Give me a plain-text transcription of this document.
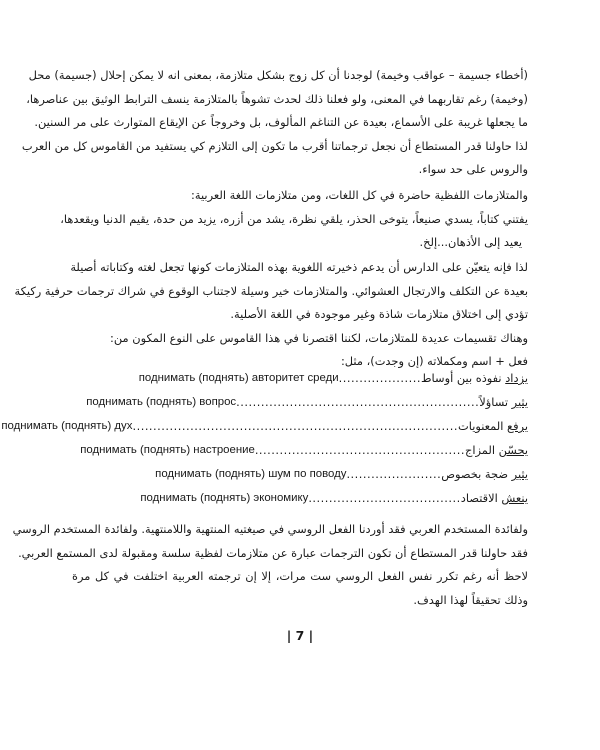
(أخطاء جسيمة – عواقب وخيمة) لوجدنا أن كل زوج بشكل متلازمة، بمعنى انه لا يمكن إحلال (جسيمة) محل
(وخيمة) رغم تقاربهما في المعنى، ولو فعلنا ذلك لحدث تشوهاً بالمتلازمة ينسف الترابط الوثيق بين عناصرها،
ما يجعلها غريبة على الأسماع، بعيدة عن التناغم المألوف، بل وخروجاً عن الإيقاع المتوارث على مر السنين.
لذا حاولنا قدر المستطاع أن نجعل ترجماتنا أقرب ما تكون إلى التلازم كي يستفيد من القاموس كل من العرب
والروس على حد سواء.
والمتلازمات اللفظية حاضرة في كل اللغات، ومن متلازمات اللغة العربية:
يفتني كتاباً، يسدي صنيعاً، يتوخى الحذر، يلقي نظرة، يشد من أزره، يزيد من حدة، يقيم الدنيا ويقعدها،
يعيد إلى الأذهان...إلخ.
لذا فإنه يتعيّن على الدارس أن يدعم ذخيرته اللغوية بهذه المتلازمات كونها تجعل لغته وكتاباته أصيلة
بعيدة عن التكلف والارتجال العشوائي. والمتلازمات خير وسيلة لاجتناب الوقوع في شراك ترجمات حرفية ركيكة
تؤدي إلى اختلاق متلازمات شاذة وغير موجودة في اللغة الأصلية.
وهناك تقسيمات عديدة للمتلازمات، لكننا اقتصرنا في هذا القاموس على النوع المكون من:
فعل + اسم ومكملاته (إن وجدت)، مثل:
يزداد نفوذه بين أوساط
....................
поднимать (поднять) авторитет среди
يثير تساؤلاً
...........................................................
поднимать (поднять) вопрос
يرفع المعنويات
...............................................................................
поднимать (поднять) дух
يحسّن المزاج
...................................................
поднимать (поднять) настроение
يثير ضجة بخصوص
.......................
поднимать (поднять) шум по поводу
ينعش الاقتصاد
.....................................
поднимать (поднять) экономику
ولفائدة المستخدم العربي فقد أوردنا الفعل الروسي في صيغتيه المنتهية واللامنتهية. ولفائدة المستخدم الروسي
فقد حاولنا قدر المستطاع أن تكون الترجمات عبارة عن متلازمات لفظية سلسة ومقبولة لدى المستمع العربي.
لاحظ أنه رغم تكرر نفس الفعل الروسي ست مرات، إلا إن ترجمته العربية اختلفت في كل مرة
وذلك تحقيقاً لهذا الهدف.
| 7 |
